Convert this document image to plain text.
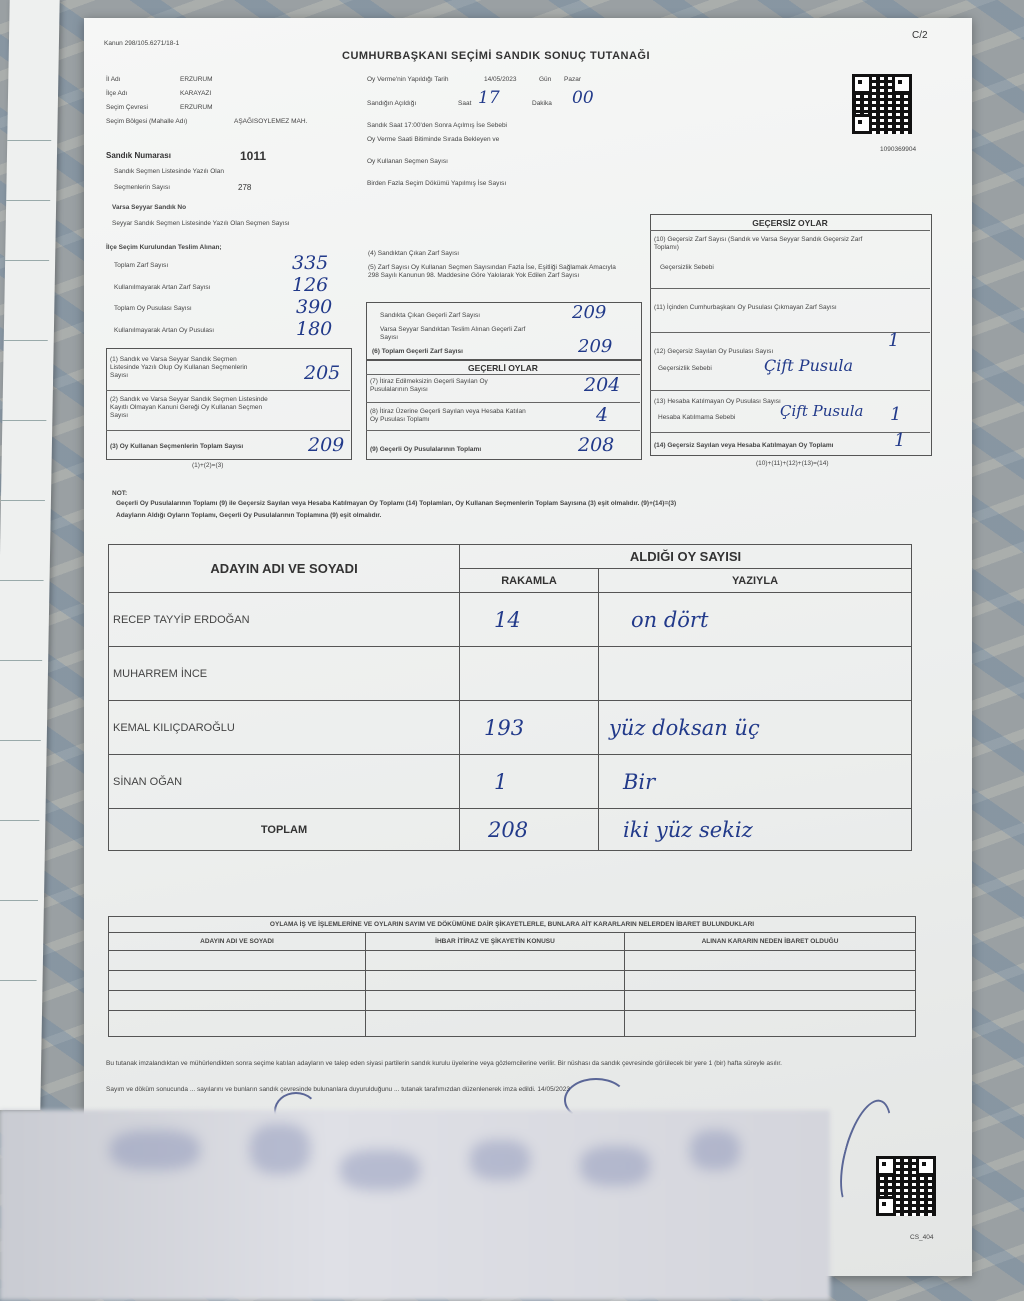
Kanun 298/105.6271/18-1
C/2
CUMHURBAŞKANI SEÇİMİ SANDIK SONUÇ TUTANAĞI
1090369904
İl Adı	ERZURUM
İlçe Adı	KARAYAZI
Seçim Çevresi	ERZURUM
Seçim Bölgesi (Mahalle Adı)	AŞAĞISOYLEMEZ MAH.
Oy Verme'nin Yapıldığı Tarih	14/05/2023	Gün Pazar
Sandığın Açıldığı	Saat 17	Dakika 00
Sandık Saat 17:00'den Sonra Açılmış İse Sebebi
Oy Verme Saati Bitiminde Sırada Bekleyen ve
Oy Kullanan Seçmen Sayısı
Birden Fazla Seçim Dökümü Yapılmış İse Sayısı
Sandık Numarası	1011
Sandık Seçmen Listesinde Yazılı Olan
Seçmenlerin Sayısı	278
Varsa Seyyar Sandık No
Seyyar Sandık Seçmen Listesinde Yazılı Olan Seçmen Sayısı
İlçe Seçim Kurulundan Teslim Alınan;
Toplam Zarf Sayısı	335
Kullanılmayarak Artan Zarf Sayısı	126
Toplam Oy Pusulası Sayısı	390
Kullanılmayarak Artan Oy Pusulası	180
(1) Sandık ve Varsa Seyyar Sandık Seçmen Listesinde Yazılı Olup Oy Kullanan Seçmenlerin Sayısı	205
(2) Sandık ve Varsa Seyyar Sandık Seçmen Listesinde Kayıtlı Olmayan Kanuni Gereği Oy Kullanan Seçmen Sayısı
(3) Oy Kullanan Seçmenlerin Toplam Sayısı	209
(1)+(2)=(3)
(4) Sandıktan Çıkan Zarf Sayısı
(5) Zarf Sayısı Oy Kullanan Seçmen Sayısından Fazla İse, Eşitliği Sağlamak Amacıyla 298 Sayılı Kanunun 98. Maddesine Göre Yakılarak Yok Edilen Zarf Sayısı
Sandıkta Çıkan Geçerli Zarf Sayısı	209
Varsa Seyyar Sandıktan Teslim Alınan Geçerli Zarf Sayısı
(6) Toplam Geçerli Zarf Sayısı	209
GEÇERLİ OYLAR
(7) İtiraz Edilmeksizin Geçerli Sayılan Oy Pusulalarının Sayısı	204
(8) İtiraz Üzerine Geçerli Sayılan veya Hesaba Katılan Oy Pusulası Toplamı	4
(9) Geçerli Oy Pusulalarının Toplamı	208
GEÇERSİZ OYLAR
(10) Geçersiz Zarf Sayısı (Sandık ve Varsa Seyyar Sandık Geçersiz Zarf Toplamı)
Geçersizlik Sebebi
(11) İçinden Cumhurbaşkanı Oy Pusulası Çıkmayan Zarf Sayısı
(12) Geçersiz Sayılan Oy Pusulası Sayısı
1
Geçersizlik Sebebi	Çift Pusula
(13) Hesaba Katılmayan Oy Pusulası Sayısı
1
Hesaba Katılmama Sebebi	Çift Pusula
(14) Geçersiz Sayılan veya Hesaba Katılmayan Oy Toplamı	1
(10)+(11)+(12)+(13)=(14)
NOT:
Geçerli Oy Pusulalarının Toplamı (9) ile Geçersiz Sayılan veya Hesaba Katılmayan Oy Toplamı (14) Toplamları, Oy Kullanan Seçmenlerin Toplam Sayısına (3) eşit olmalıdır. (9)+(14)=(3)
Adayların Aldığı Oyların Toplamı, Geçerli Oy Pusulalarının Toplamına (9) eşit olmalıdır.
ADAYIN ADI VE SOYADI	ALDIĞI OY SAYISI	
	RAKAMLA	YAZIYLA
RECEP TAYYİP ERDOĞAN	14	on dört
MUHARREM İNCE		
KEMAL KILIÇDAROĞLU	193	yüz doksan üç
SİNAN OĞAN	1	Bir
TOPLAM	208	iki yüz sekiz
OYLAMA İŞ VE İŞLEMLERİNE VE OYLARIN SAYIM VE DÖKÜMÜNE DAİR ŞİKAYETLERLE, BUNLARA AİT KARARLARIN NELERDEN İBARET BULUNDUKLARI		
ADAYIN ADI VE SOYADI	İHBAR İTİRAZ VE ŞİKAYETİN KONUSU	ALINAN KARARIN NEDEN İBARET OLDUĞU

Bu tutanak imzalandıktan ve mühürlendikten sonra seçime katılan adayların ve talep eden siyasi partilerin sandık kurulu üyelerine veya gözlemcilerine verilir. Bir nüshası da sandık çevresinde görülecek bir yere 1 (bir) hafta süreyle asılır.
Sayım ve döküm sonucunda ... sayılarını ve bunların sandık çevresinde bulunanlara duyurulduğunu ... tutanak tarafımızdan düzenlenerek imza edildi. 14/05/2023
CS_404
